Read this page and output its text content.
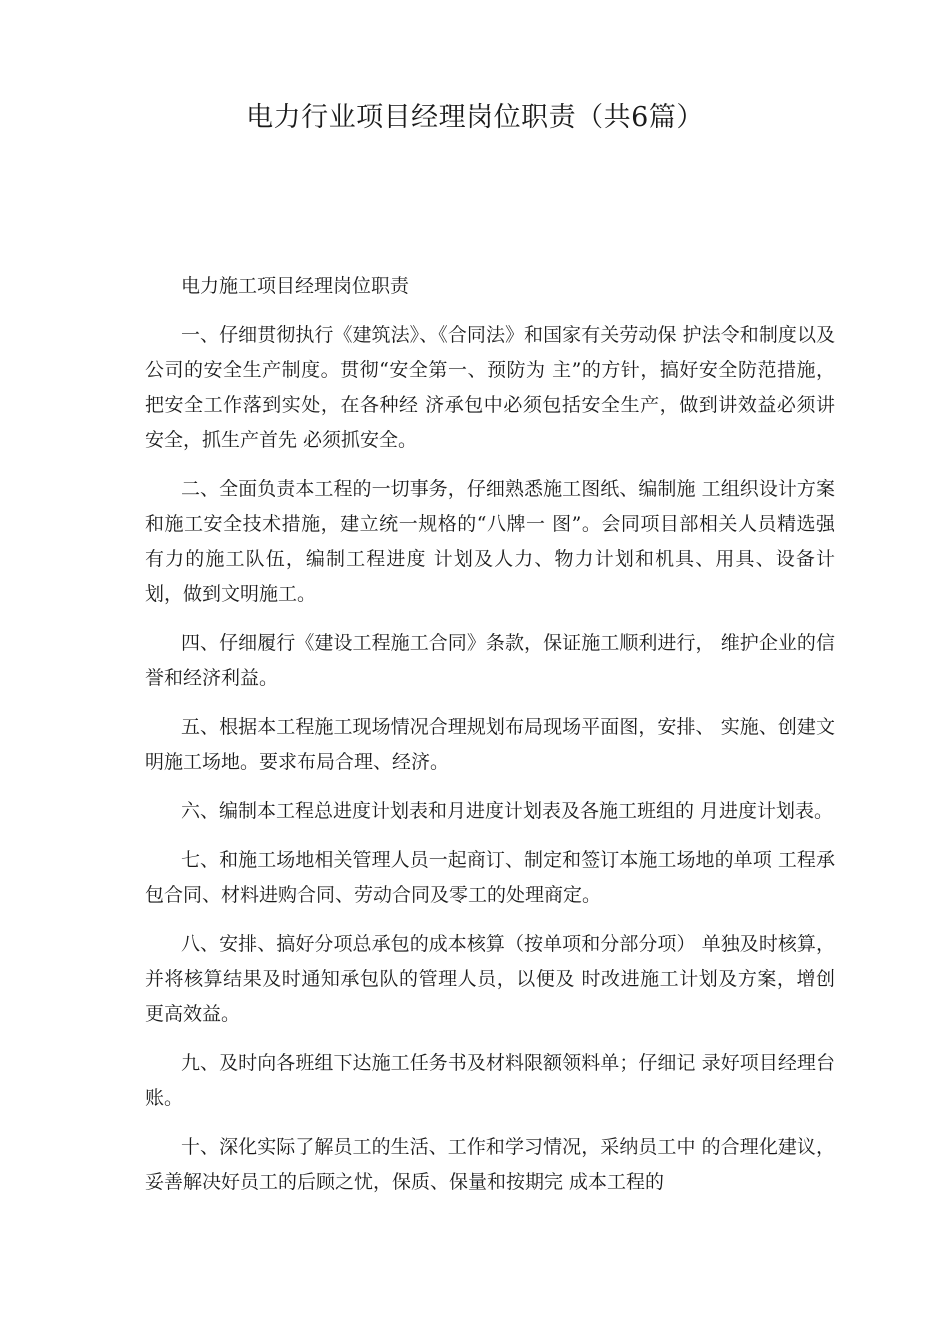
电力行业项目经理岗位职责（共6篇）

电力施工项目经理岗位职责

一、仔细贯彻执行《建筑法》、《合同法》和国家有关劳动保 护法令和制度以及公司的安全生产制度。贯彻“安全第一、预防为 主”的方针，搞好安全防范措施，把安全工作落到实处，在各种经 济承包中必须包括安全生产，做到讲效益必须讲安全，抓生产首先 必须抓安全。

二、全面负责本工程的一切事务，仔细熟悉施工图纸、编制施 工组织设计方案和施工安全技术措施，建立统一规格的“八牌一 图”。会同项目部相关人员精选强有力的施工队伍，编制工程进度 计划及人力、物力计划和机具、用具、设备计划，做到文明施工。

四、仔细履行《建设工程施工合同》条款，保证施工顺利进行， 维护企业的信誉和经济利益。

五、根据本工程施工现场情况合理规划布局现场平面图，安排、 实施、创建文明施工场地。要求布局合理、经济。

六、编制本工程总进度计划表和月进度计划表及各施工班组的 月进度计划表。

七、和施工场地相关管理人员一起商订、制定和签订本施工场地的单项 工程承包合同、材料进购合同、劳动合同及零工的处理商定。

八、安排、搞好分项总承包的成本核算（按单项和分部分项） 单独及时核算，并将核算结果及时通知承包队的管理人员，以便及 时改进施工计划及方案，增创更高效益。

九、及时向各班组下达施工任务书及材料限额领料单；仔细记 录好项目经理台账。

十、深化实际了解员工的生活、工作和学习情况，采纳员工中 的合理化建议，妥善解决好员工的后顾之忧，保质、保量和按期完 成本工程的
